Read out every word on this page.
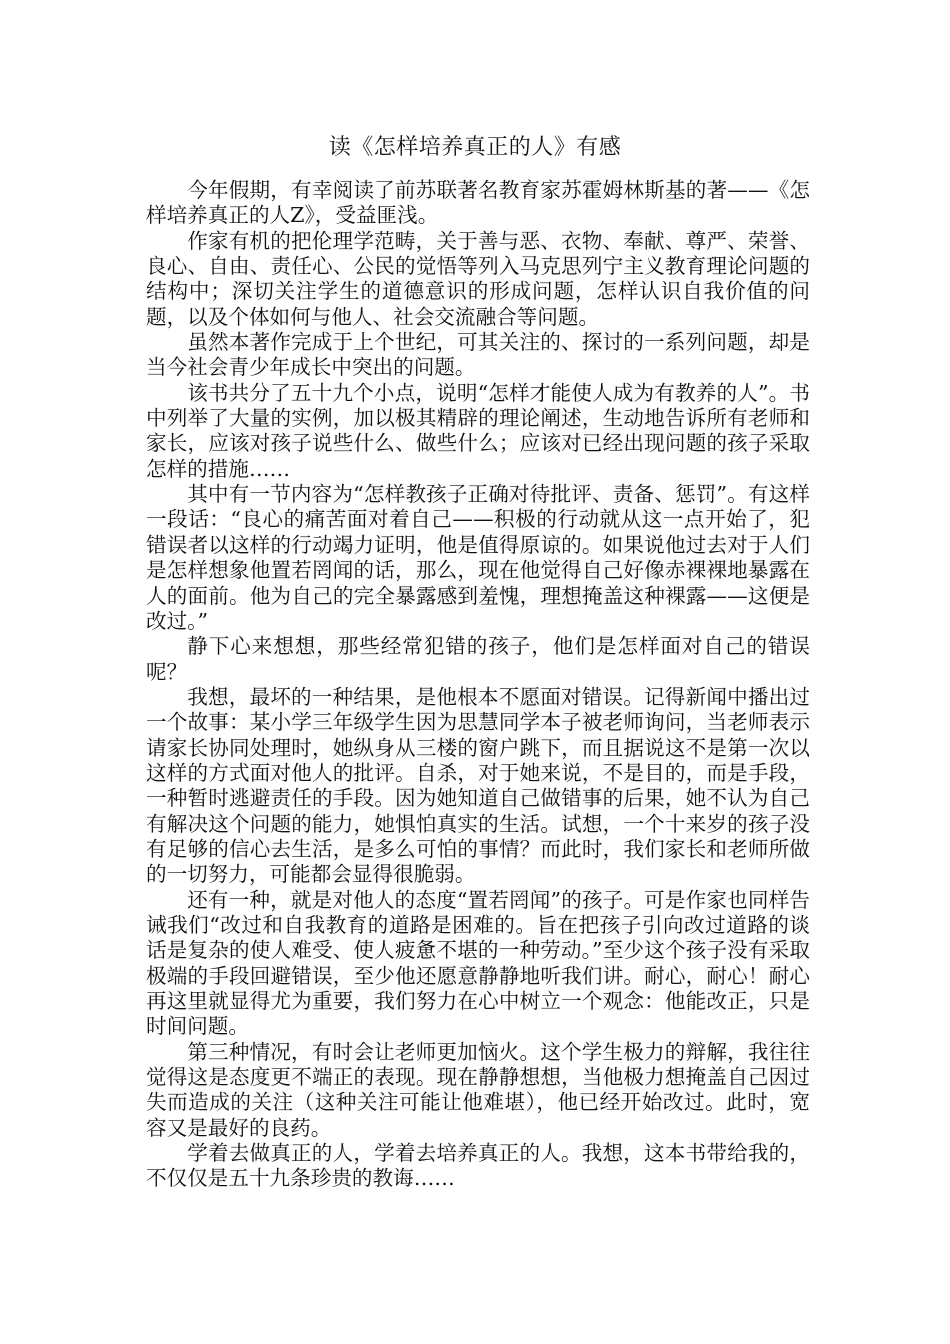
读《怎样培养真正的人》有感

今年假期，有幸阅读了前苏联著名教育家苏霍姆林斯基的著——《怎样培养真正的人Z》，受益匪浅。

作家有机的把伦理学范畴，关于善与恶、衣物、奉献、尊严、荣誉、良心、自由、责任心、公民的觉悟等列入马克思列宁主义教育理论问题的结构中；深切关注学生的道德意识的形成问题，怎样认识自我价值的问题，以及个体如何与他人、社会交流融合等问题。

虽然本著作完成于上个世纪，可其关注的、探讨的一系列问题，却是当今社会青少年成长中突出的问题。

该书共分了五十九个小点，说明“怎样才能使人成为有教养的人”。书中列举了大量的实例，加以极其精辟的理论阐述，生动地告诉所有老师和家长，应该对孩子说些什么、做些什么；应该对已经出现问题的孩子采取怎样的措施……

其中有一节内容为“怎样教孩子正确对待批评、责备、惩罚”。有这样一段话：“良心的痛苦面对着自己——积极的行动就从这一点开始了，犯错误者以这样的行动竭力证明，他是值得原谅的。如果说他过去对于人们是怎样想象他置若罔闻的话，那么，现在他觉得自己好像赤裸裸地暴露在人的面前。他为自己的完全暴露感到羞愧，理想掩盖这种裸露——这便是改过。”

静下心来想想，那些经常犯错的孩子，他们是怎样面对自己的错误呢？

我想，最坏的一种结果，是他根本不愿面对错误。记得新闻中播出过一个故事：某小学三年级学生因为思慧同学本子被老师询问，当老师表示请家长协同处理时，她纵身从三楼的窗户跳下，而且据说这不是第一次以这样的方式面对他人的批评。自杀，对于她来说，不是目的，而是手段，一种暂时逃避责任的手段。因为她知道自己做错事的后果，她不认为自己有解决这个问题的能力，她惧怕真实的生活。试想，一个十来岁的孩子没有足够的信心去生活，是多么可怕的事情？而此时，我们家长和老师所做的一切努力，可能都会显得很脆弱。

还有一种，就是对他人的态度“置若罔闻”的孩子。可是作家也同样告诫我们“改过和自我教育的道路是困难的。旨在把孩子引向改过道路的谈话是复杂的使人难受、使人疲惫不堪的一种劳动。”至少这个孩子没有采取极端的手段回避错误，至少他还愿意静静地听我们讲。耐心，耐心！耐心再这里就显得尤为重要，我们努力在心中树立一个观念：他能改正，只是时间问题。

第三种情况，有时会让老师更加恼火。这个学生极力的辩解，我往往觉得这是态度更不端正的表现。现在静静想想，当他极力想掩盖自己因过失而造成的关注（这种关注可能让他难堪），他已经开始改过。此时，宽容又是最好的良药。

学着去做真正的人，学着去培养真正的人。我想，这本书带给我的，不仅仅是五十九条珍贵的教诲……
